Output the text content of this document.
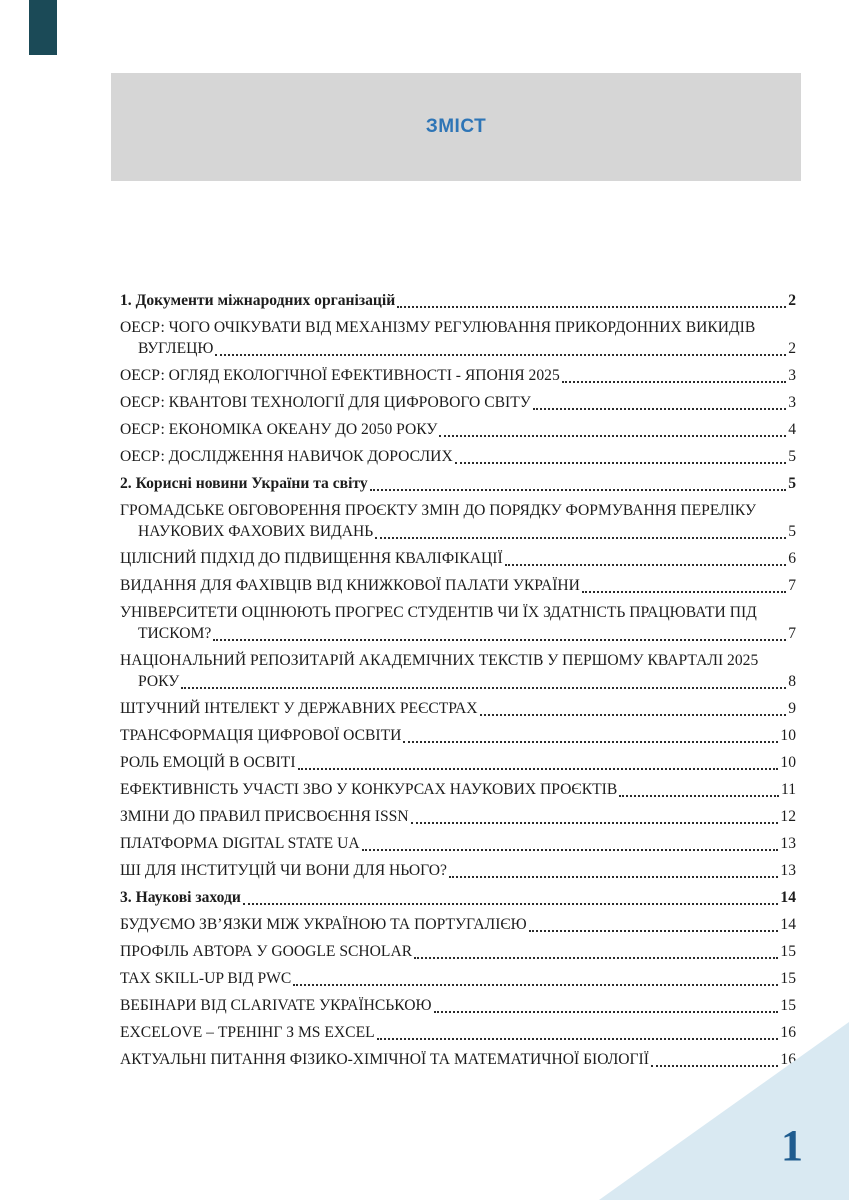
ЗМІСТ
1. Документи міжнародних організацій	2
ОЕСР: ЧОГО ОЧІКУВАТИ ВІД МЕХАНІЗМУ РЕГУЛЮВАННЯ ПРИКОРДОННИХ ВИКИДІВ
ВУГЛЕЦЮ	2
ОЕСР: ОГЛЯД ЕКОЛОГІЧНОЇ ЕФЕКТИВНОСТІ - ЯПОНІЯ 2025	3
ОЕСР: КВАНТОВІ ТЕХНОЛОГІЇ ДЛЯ ЦИФРОВОГО СВІТУ	3
ОЕСР: ЕКОНОМІКА ОКЕАНУ ДО 2050 РОКУ	4
ОЕСР: ДОСЛІДЖЕННЯ НАВИЧОК ДОРОСЛИХ	5
2. Корисні новини України та світу	5
ГРОМАДСЬКЕ ОБГОВОРЕННЯ ПРОЄКТУ ЗМІН ДО ПОРЯДКУ ФОРМУВАННЯ ПЕРЕЛІКУ
НАУКОВИХ ФАХОВИХ ВИДАНЬ	5
ЦІЛІСНИЙ ПІДХІД ДО ПІДВИЩЕННЯ КВАЛІФІКАЦІЇ	6
ВИДАННЯ ДЛЯ ФАХІВЦІВ ВІД КНИЖКОВОЇ ПАЛАТИ УКРАЇНИ	7
УНІВЕРСИТЕТИ ОЦІНЮЮТЬ ПРОГРЕС СТУДЕНТІВ ЧИ ЇХ ЗДАТНІСТЬ ПРАЦЮВАТИ ПІД
ТИСКОМ?	7
НАЦІОНАЛЬНИЙ РЕПОЗИТАРІЙ АКАДЕМІЧНИХ ТЕКСТІВ У ПЕРШОМУ КВАРТАЛІ 2025
РОКУ	8
ШТУЧНИЙ ІНТЕЛЕКТ У ДЕРЖАВНИХ РЕЄСТРАХ	9
ТРАНСФОРМАЦІЯ ЦИФРОВОЇ ОСВІТИ	10
РОЛЬ ЕМОЦІЙ В ОСВІТІ	10
ЕФЕКТИВНІСТЬ УЧАСТІ ЗВО У КОНКУРСАХ НАУКОВИХ ПРОЄКТІВ	11
ЗМІНИ ДО ПРАВИЛ ПРИСВОЄННЯ ISSN	12
ПЛАТФОРМА DIGITAL STATE UA	13
ШІ ДЛЯ ІНСТИТУЦІЙ ЧИ ВОНИ ДЛЯ НЬОГО?	13
3. Наукові заходи	14
БУДУЄМО ЗВ’ЯЗКИ МІЖ УКРАЇНОЮ ТА ПОРТУГАЛІЄЮ	14
ПРОФІЛЬ АВТОРА У GOOGLE SCHOLAR	15
TAX SKILL-UP ВІД PWC	15
ВЕБІНАРИ ВІД CLARIVATE УКРАЇНСЬКОЮ	15
EXCELOVE – ТРЕНІНГ З MS EXCEL	16
АКТУАЛЬНІ ПИТАННЯ ФІЗИКО-ХІМІЧНОЇ ТА МАТЕМАТИЧНОЇ БІОЛОГІЇ	16
1
